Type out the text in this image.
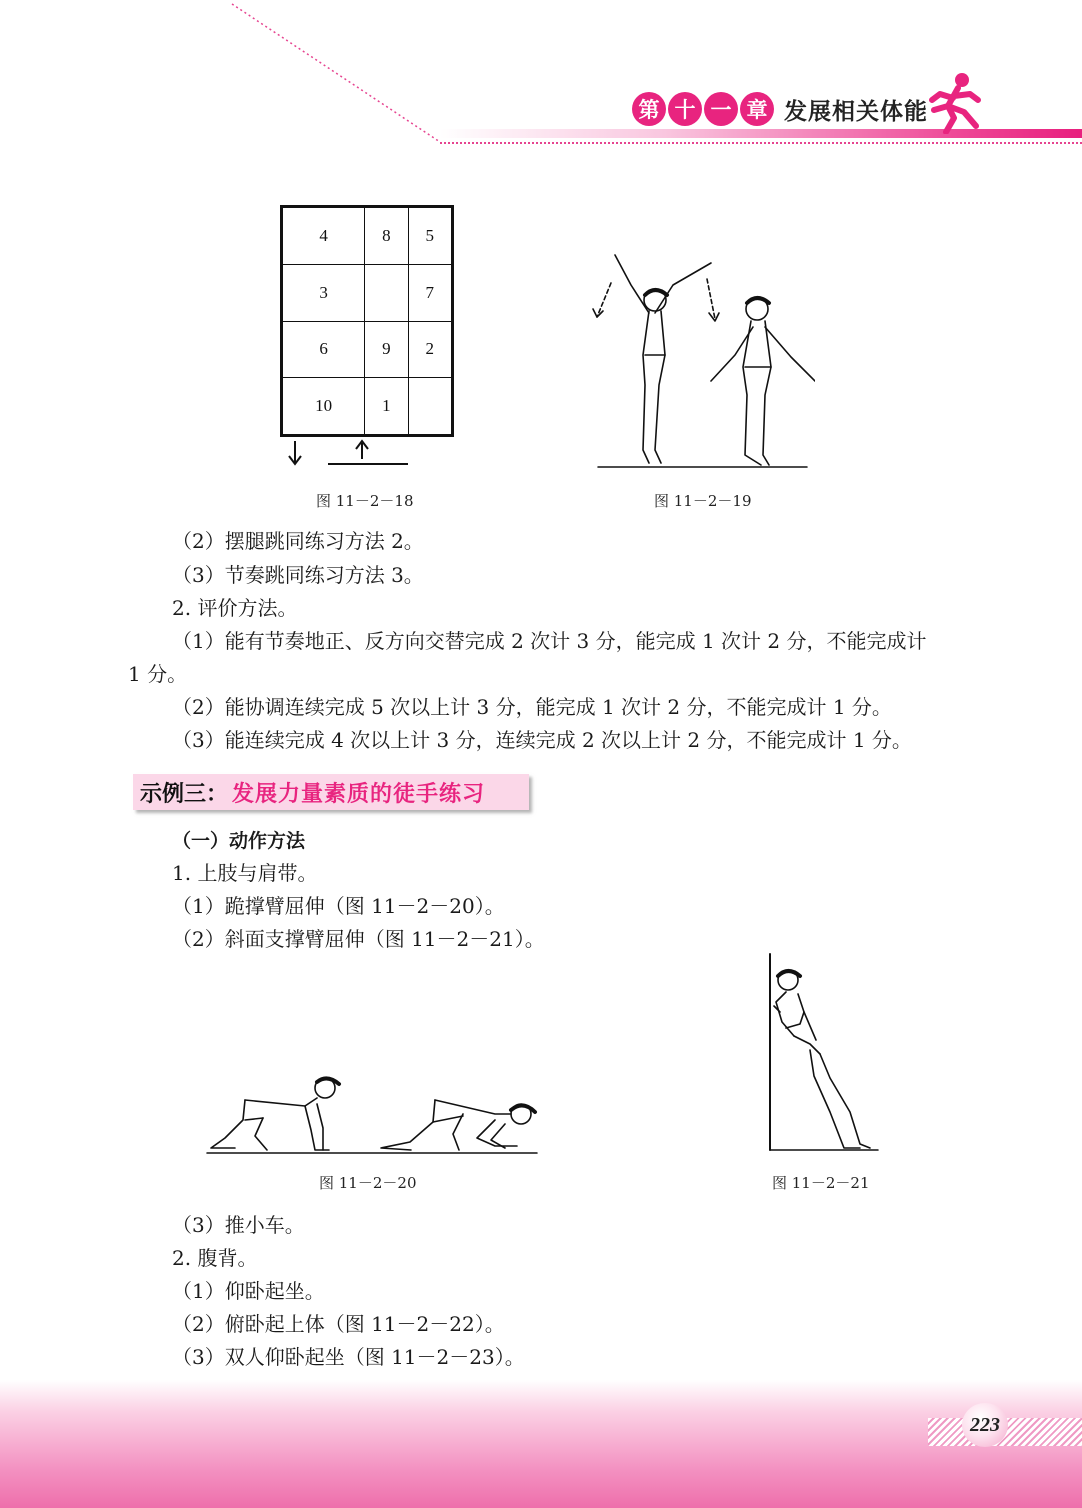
第 十 一 章 发展相关体能
4	8	5
3		7
6	9	2
10	1	
图 11－2－18	图 11－2－19
（2）摆腿跳同练习方法 2。
（3）节奏跳同练习方法 3。
2. 评价方法。
（1）能有节奏地正、反方向交替完成 2 次计 3 分，能完成 1 次计 2 分，不能完成计
1 分。
（2）能协调连续完成 5 次以上计 3 分，能完成 1 次计 2 分，不能完成计 1 分。
（3）能连续完成 4 次以上计 3 分，连续完成 2 次以上计 2 分，不能完成计 1 分。
示例三： 发展力量素质的徒手练习
（一）动作方法
1. 上肢与肩带。
（1）跪撑臂屈伸（图 11－2－20）。
（2）斜面支撑臂屈伸（图 11－2－21）。
图 11－2－20	图 11－2－21
（3）推小车。
2. 腹背。
（1）仰卧起坐。
（2）俯卧起上体（图 11－2－22）。
（3）双人仰卧起坐（图 11－2－23）。
223
